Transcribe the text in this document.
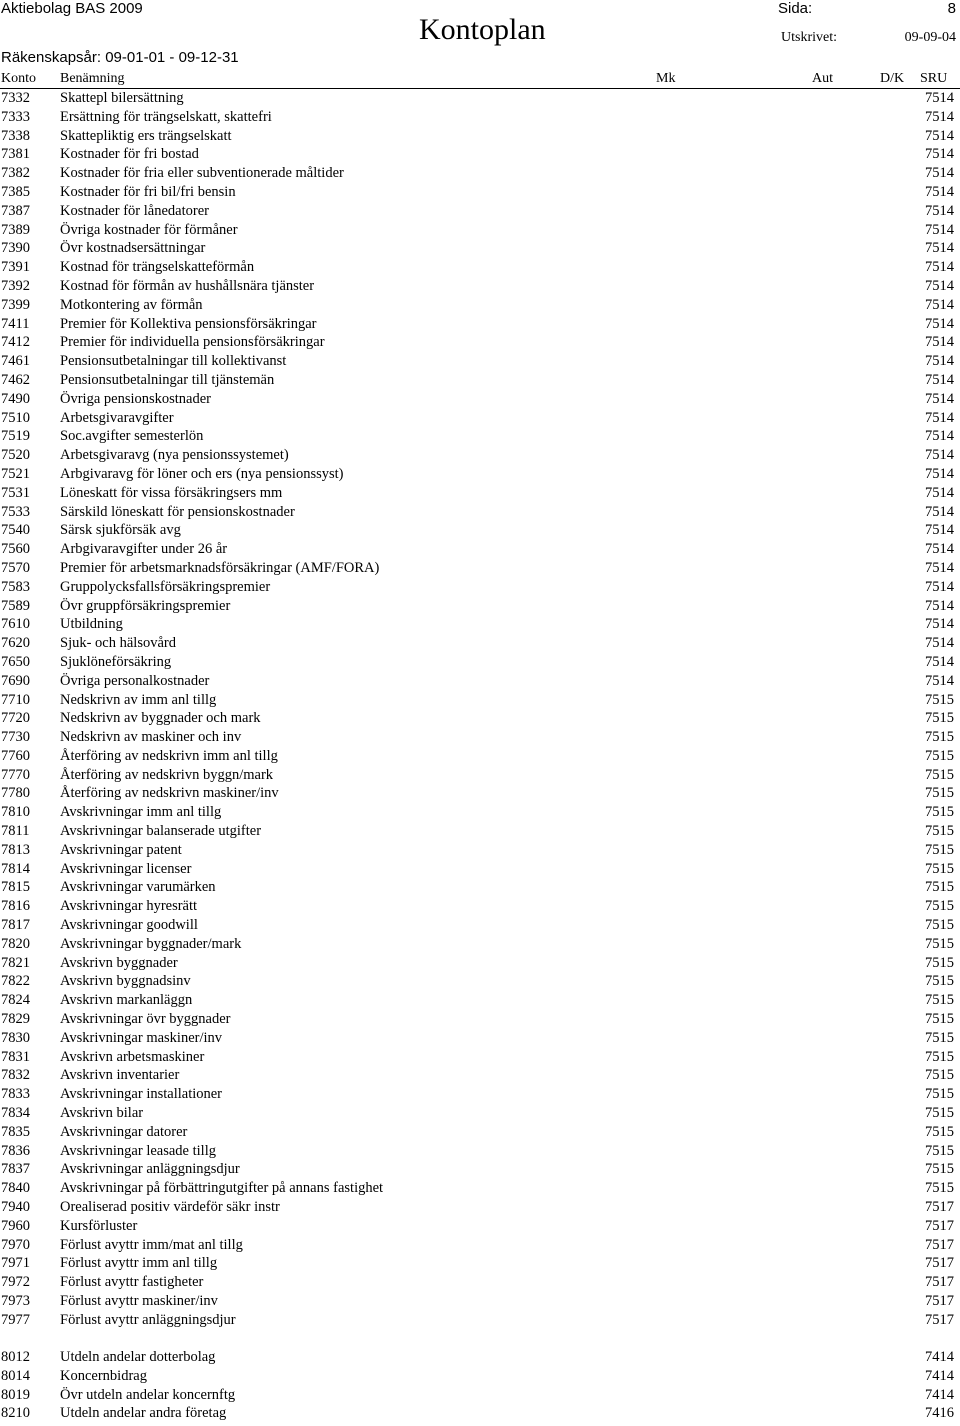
Aktiebolag BAS 2009	Sida:	8
Kontoplan	Utskrivet:	09-09-04
Räkenskapsår: 09-01-01 - 09-12-31
Konto Benämning	Mk	Aut	D/K SRU
7332 Skattepl bilersättning	7514
7333 Ersättning för trängselskatt, skattefri	7514
7338 Skattepliktig ers trängselskatt	7514
7381 Kostnader för fri bostad	7514
7382 Kostnader för fria eller subventionerade måltider	7514
7385 Kostnader för fri bil/fri bensin	7514
7387 Kostnader för lånedatorer	7514
7389 Övriga kostnader för förmåner	7514
7390 Övr kostnadsersättningar	7514
7391 Kostnad för trängselskatteförmån	7514
7392 Kostnad för förmån av hushållsnära tjänster	7514
7399 Motkontering av förmån	7514
7411 Premier för Kollektiva pensionsförsäkringar	7514
7412 Premier för individuella pensionsförsäkringar	7514
7461 Pensionsutbetalningar till kollektivanst	7514
7462 Pensionsutbetalningar till tjänstemän	7514
7490 Övriga pensionskostnader	7514
7510 Arbetsgivaravgifter	7514
7519 Soc.avgifter semesterlön	7514
7520 Arbetsgivaravg (nya pensionssystemet)	7514
7521 Arbgivaravg för löner och ers (nya pensionssyst)	7514
7531 Löneskatt för vissa försäkringsers mm	7514
7533 Särskild löneskatt för pensionskostnader	7514
7540 Särsk sjukförsäk avg	7514
7560 Arbgivaravgifter under 26 år	7514
7570 Premier för arbetsmarknadsförsäkringar (AMF/FORA)	7514
7583 Gruppolycksfallsförsäkringspremier	7514
7589 Övr gruppförsäkringspremier	7514
7610 Utbildning	7514
7620 Sjuk- och hälsovård	7514
7650 Sjuklöneförsäkring	7514
7690 Övriga personalkostnader	7514
7710 Nedskrivn av imm anl tillg	7515
7720 Nedskrivn av byggnader och mark	7515
7730 Nedskrivn av maskiner och inv	7515
7760 Återföring av nedskrivn imm anl tillg	7515
7770 Återföring av nedskrivn byggn/mark	7515
7780 Återföring av nedskrivn maskiner/inv	7515
7810 Avskrivningar imm anl tillg	7515
7811 Avskrivningar balanserade utgifter	7515
7813 Avskrivningar patent	7515
7814 Avskrivningar licenser	7515
7815 Avskrivningar varumärken	7515
7816 Avskrivningar hyresrätt	7515
7817 Avskrivningar goodwill	7515
7820 Avskrivningar byggnader/mark	7515
7821 Avskrivn byggnader	7515
7822 Avskrivn byggnadsinv	7515
7824 Avskrivn markanläggn	7515
7829 Avskrivningar övr byggnader	7515
7830 Avskrivningar maskiner/inv	7515
7831 Avskrivn arbetsmaskiner	7515
7832 Avskrivn inventarier	7515
7833 Avskrivningar installationer	7515
7834 Avskrivn bilar	7515
7835 Avskrivningar datorer	7515
7836 Avskrivningar leasade tillg	7515
7837 Avskrivningar anläggningsdjur	7515
7840 Avskrivningar på förbättringutgifter på annans fastighet	7515
7940 Orealiserad positiv värdeför säkr instr	7517
7960 Kursförluster	7517
7970 Förlust avyttr imm/mat anl tillg	7517
7971 Förlust avyttr imm anl tillg	7517
7972 Förlust avyttr fastigheter	7517
7973 Förlust avyttr maskiner/inv	7517
7977 Förlust avyttr anläggningsdjur	7517
8012 Utdeln andelar dotterbolag	7414
8014 Koncernbidrag	7414
8019 Övr utdeln andelar koncernftg	7414
8210 Utdeln andelar andra företag	7416
